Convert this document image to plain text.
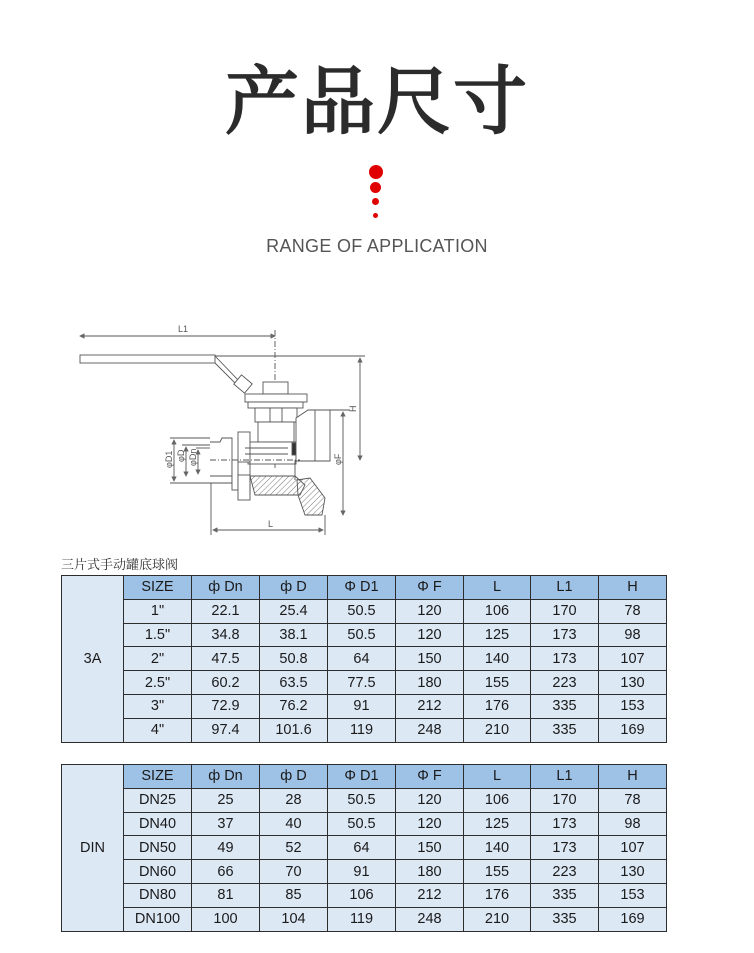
产品尺寸
RANGE OF APPLICATION
L1
H
φD1 φD φDn	φF
L
三片式手动罐底球阀
3A	SIZE	ф Dn	ф D	Φ D1	Φ F	L	L1	H
	1"	22.1	25.4	50.5	120	106	170	78
	1.5"	34.8	38.1	50.5	120	125	173	98
	2"	47.5	50.8	64	150	140	173	107
	2.5"	60.2	63.5	77.5	180	155	223	130
	3"	72.9	76.2	91	212	176	335	153
	4"	97.4	101.6	119	248	210	335	169
DIN	SIZE	ф Dn	ф D	Φ D1	Φ F	L	L1	H
	DN25	25	28	50.5	120	106	170	78
	DN40	37	40	50.5	120	125	173	98
	DN50	49	52	64	150	140	173	107
	DN60	66	70	91	180	155	223	130
	DN80	81	85	106	212	176	335	153
	DN100	100	104	119	248	210	335	169
